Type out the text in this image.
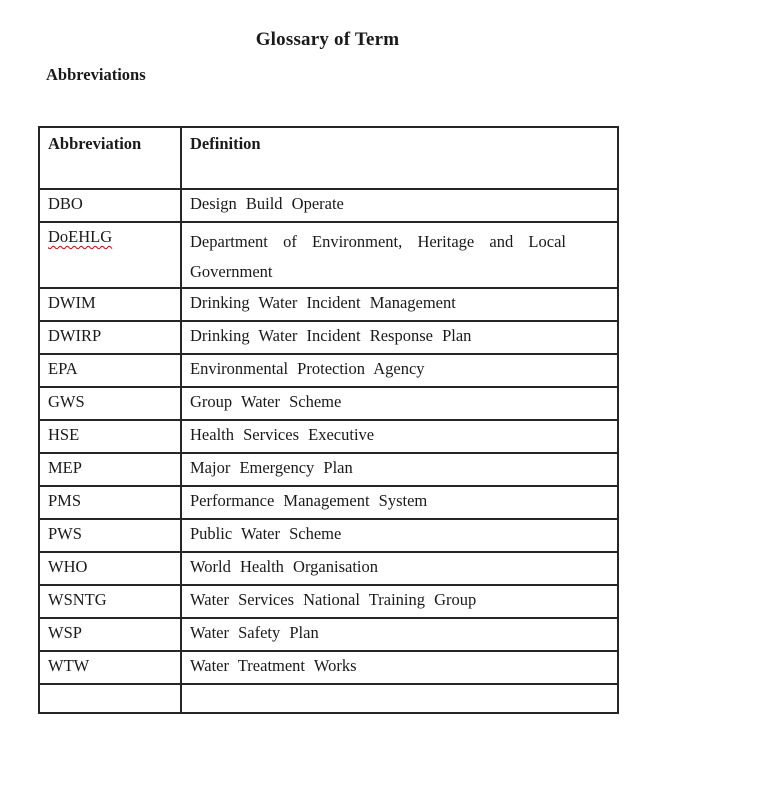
Glossary of Term
Abbreviations
Abbreviation	Definition
DBO	Design Build Operate
DoEHLG	Department of Environment, Heritage and Local Government

DWIM	Drinking Water Incident Management
DWIRP	Drinking Water Incident Response Plan
EPA	Environmental Protection Agency
GWS	Group Water Scheme
HSE	Health Services Executive
MEP	Major Emergency Plan
PMS	Performance Management System
PWS	Public Water Scheme
WHO	World Health Organisation
WSNTG	Water Services National Training Group
WSP	Water Safety Plan
WTW	Water Treatment Works
